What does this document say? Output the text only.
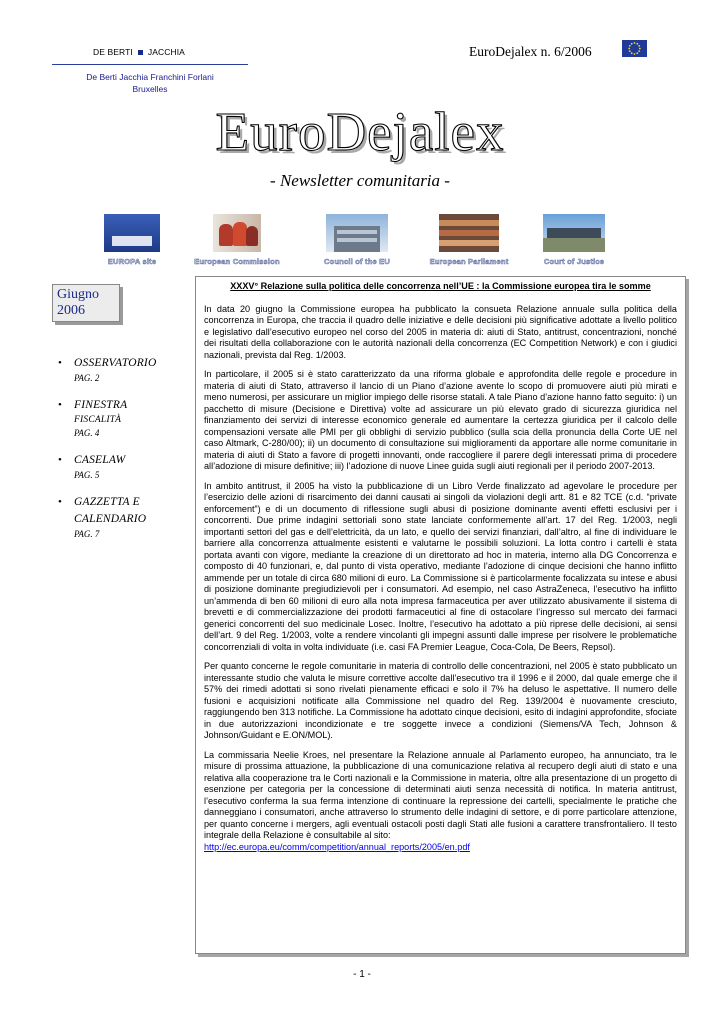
DE BERTI JACCHIA
De Berti Jacchia Franchini Forlani
Bruxelles
EuroDejalex n. 6/2006
EuroDejalex
- Newsletter comunitaria -
EUROPA site	European Commission	Council of the EU	European Parliament	Court of Justice
Giugno
2006
• OSSERVATORIO
PAG. 2
• FINESTRA
FISCALITÀ
PAG. 4
• CASELAW
PAG. 5
• GAZZETTA E
CALENDARIO
PAG. 7
XXXV° Relazione sulla politica delle concorrenza nell’UE : la Commissione europea tira le somme

In data 20 giugno la Commissione europea ha pubblicato la consueta Relazione annuale sulla politica della concorrenza in Europa, che traccia il quadro delle iniziative e delle decisioni più significative adottate a livello politico e legislativo dall’esecutivo europeo nel corso del 2005 in materia di: aiuti di Stato, antitrust, concentrazioni, nonché dei risultati della collaborazione con le autorità nazionali della concorrenza (EC Competition Network) e con i giudici nazionali, prevista dal Reg. 1/2003.

In particolare, il 2005 si è stato caratterizzato da una riforma globale e approfondita delle regole e procedure in materia di aiuti di Stato, attraverso il lancio di un Piano d’azione avente lo scopo di promuovere aiuti più mirati e meno numerosi, per assicurare un miglior impiego delle risorse statali. A tale Piano d’azione hanno fatto seguito: i) un pacchetto di misure (Decisione e Direttiva) volte ad assicurare un più elevato grado di sicurezza giuridica nel finanziamento dei servizi di interesse economico generale ed aumentare la certezza giuridica per il calcolo delle compensazioni versate alle PMI per gli obblighi di servizio pubblico (sulla scia della pronuncia della Corte UE nel caso Altmark, C-280/00); ii) un documento di consultazione sui miglioramenti da apportare alle norme comunitarie in materia di aiuti di Stato a favore di progetti innovanti, onde raccogliere il parere degli interessati prima di procedere all’adozione di misure definitive; iii) l’adozione di nuove Linee guida sugli aiuti regionali per il periodo 2007-2013.

In ambito antitrust, il 2005 ha visto la pubblicazione di un Libro Verde finalizzato ad agevolare le procedure per l’esercizio delle azioni di risarcimento dei danni causati ai singoli da violazioni degli artt. 81 e 82 TCE (c.d. “private enforcement”) e di un documento di riflessione sugli abusi di posizione dominante aventi effetti esclusivi per i concorrenti. Due prime indagini settoriali sono state lanciate conformemente all’art. 17 del Reg. 1/2003, negli importanti settori del gas e dell’elettricità, da un lato, e quello dei servizi finanziari, dall’altro, al fine di individuare le barriere alla concorrenza attualmente esistenti e valutarne le possibili soluzioni. La lotta contro i cartelli è stata portata avanti con vigore, mediante la creazione di un direttorato ad hoc in materia, interno alla DG Concorrenza e composto di 40 funzionari, e, dal punto di vista operativo, mediante l’adozione di cinque decisioni che hanno inflitto ammende per un totale di circa 680 milioni di euro. La Commissione si è particolarmente focalizzata su intese e abusi di posizione dominante pregiudizievoli per i consumatori. Ad esempio, nel caso AstraZeneca, l’esecutivo ha inflitto un’ammenda di ben 60 milioni di euro alla nota impresa farmaceutica per aver utilizzato abusivamente il sistema di brevetti e di commercializzazione dei prodotti farmaceutici al fine di ostacolare l’ingresso sul mercato dei farmaci generici concorrenti del suo medicinale Losec. Inoltre, l’esecutivo ha adottato a più riprese delle decisioni, ai sensi dell’art. 9 del Reg. 1/2003, volte a rendere vincolanti gli impegni assunti dalle imprese per risolvere le problematiche concorrenziali di volta in volta individuate (i.e. casi FA Premier League, Coca-Cola, De Beers, Repsol).

Per quanto concerne le regole comunitarie in materia di controllo delle concentrazioni, nel 2005 è stato pubblicato un interessante studio che valuta le misure correttive accolte dall’esecutivo tra il 1996 e il 2000, dal quale emerge che il 57% dei rimedi adottati si sono rivelati pienamente efficaci e solo il 7% ha deluso le aspettative. Il numero delle fusioni e acquisizioni notificate alla Commissione nel quadro del Reg. 139/2004 è nuovamente cresciuto, raggiungendo ben 313 notifiche. La Commissione ha adottato cinque decisioni, esito di indagini approfondite, sfociate in due autorizzazioni incondizionate e tre soggette invece a condizioni (Siemens/VA Tech, Johnson & Johnson/Guidant e E.ON/MOL).

La commissaria Neelie Kroes, nel presentare la Relazione annuale al Parlamento europeo, ha annunciato, tra le misure di prossima attuazione, la pubblicazione di una comunicazione relativa al recupero degli aiuti di stato e una relativa alla cooperazione tra le Corti nazionali e la Commissione in materia, oltre alla presentazione di un progetto di esenzione per categoria per la concessione di determinati aiuti senza necessità di notifica. In materia antitrust, l’esecutivo conferma la sua ferma intenzione di continuare la repressione dei cartelli, specialmente le pratiche che danneggiano i consumatori, anche attraverso lo strumento delle indagini di settore, e di porre particolare attenzione, per quanto concerne i mergers, agli eventuali ostacoli posti dagli Stati alle fusioni a carattere transfrontaliero. Il testo integrale della Relazione è consultabile al sito:
http://ec.europa.eu/comm/competition/annual_reports/2005/en.pdf

- 1 -
